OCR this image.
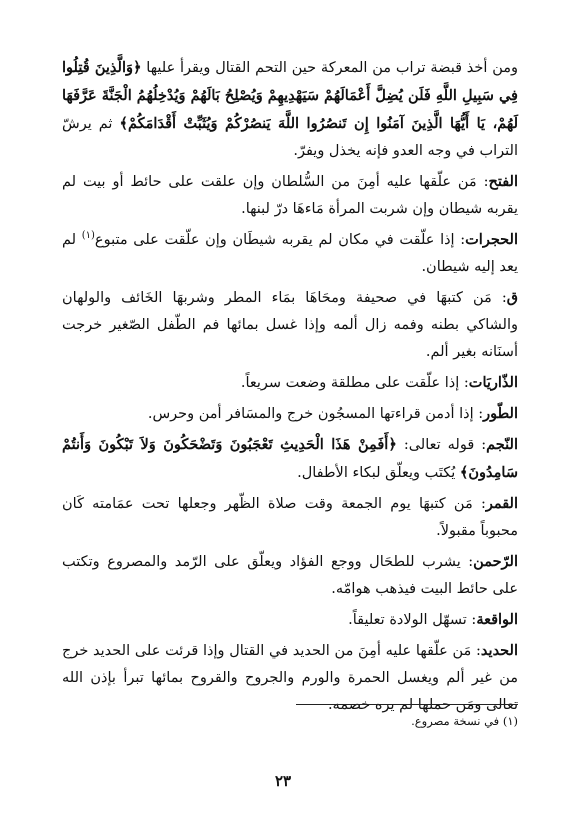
ومن أخذ قبضة تراب من المعركة حين التحم القتال ويقرأ عليها ﴿وَالَّذِينَ قُتِلُوا فِي سَبِيلِ اللَّهِ فَلَن يُضِلَّ أَعْمَالَهُمْ سَيَهْدِيهِمْ وَيُصْلِحُ بَالَهُمْ وَيُدْخِلُهُمُ الْجَنَّةَ عَرَّفَهَا لَهُمْ، يَا أَيُّهَا الَّذِينَ آمَنُوا إِن تَنصُرُوا اللَّهَ يَنصُرْكُمْ وَيُثَبِّتْ أَقْدَامَكُمْ﴾ ثم يرشّ التراب في وجه العدو فإنه يخذل ويفرّ.

الفتح: مَن علّقها عليه أمِنَ من السُّلطان وإن علقت على حائط أو بيت لم يقربه شيطان وإن شربت المرأة مَاءهَا درّ لبنها.

الحجرات: إذا علّقت في مكان لم يقربه شيطَان وإن علّقت على متبوع$^{(١)}$ لم يعد إليه شيطان.

ق: مَن كتبهَا في صحيفة ومحَاهَا بمَاء المطر وشربهَا الخَائف والولهان والشاكي بطنه وفمه زال ألمه وإذا غسل بمائها فم الطّفل الصّغير خرجت أسنَانه بغير ألم.

الذّاريَات: إذا علّقت على مطلقة وضعت سريعاً.

الطّور: إذا أدمن قراءتها المسجُون خرج والمسَافر أمن وحرس.

النّجم: قوله تعالى: ﴿أَفَمِنْ هَذَا الْحَدِيثِ تَعْجَبُونَ وَتَضْحَكُونَ وَلاَ تَبْكُونَ وَأَنتُمْ سَامِدُونَ﴾ يُكتَب ويعلّق لبكاء الأطفال.

القمر: مَن كتبهَا يوم الجمعة وقت صلاة الظّهر وجعلها تحت عمَامته كَان محبوباً مقبولاً.

الرّحمن: يشرب للطحَال ووجع الفؤاد ويعلّق على الرّمد والمصروع وتكتب على حائط البيت فيذهب هوامّه.

الواقعة: تسهّل الولادة تعليقاً.

الحديد: مَن علّقها عليه أمِنَ من الحديد في القتال وإذا قرئت على الحديد خرج من غير ألم ويغسل الحمرة والورم والجروح والقروح بمائها تبرأ بإذن الله تعالى ومَن حملها لم يره خصمه.

(١) في نسخة مصروع.
٢٣
